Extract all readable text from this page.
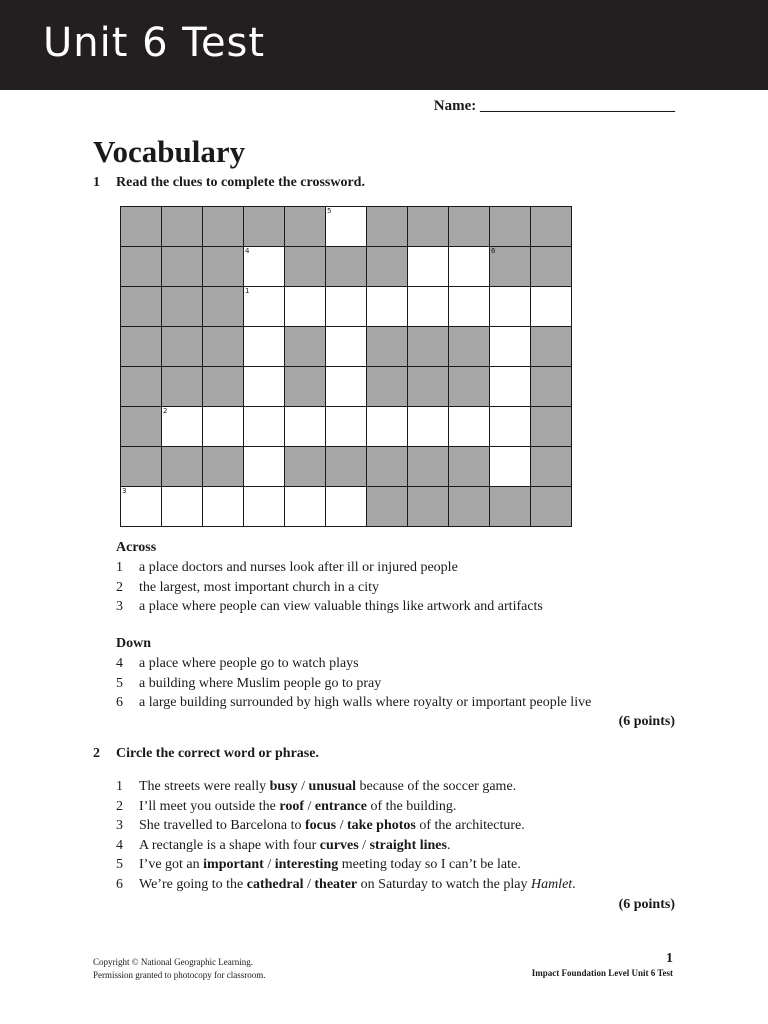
Unit 6 Test
Name: __________________________
Vocabulary
1 Read the clues to complete the crossword.

					5					

			4						6	

			1							

	2									

3										

Across
1 a place doctors and nurses look after ill or injured people
2 the largest, most important church in a city
3 a place where people can view valuable things like artwork and artifacts
Down
4 a place where people go to watch plays
5 a building where Muslim people go to pray
6 a large building surrounded by high walls where royalty or important people live
(6 points)
2 Circle the correct word or phrase.
1 The streets were really busy / unusual because of the soccer game.
2 I’ll meet you outside the roof / entrance of the building.
3 She travelled to Barcelona to focus / take photos of the architecture.
4 A rectangle is a shape with four curves / straight lines.
5 I’ve got an important / interesting meeting today so I can’t be late.
6 We’re going to the cathedral / theater on Saturday to watch the play Hamlet.
(6 points)
Copyright © National Geographic Learning.
Permission granted to photocopy for classroom.
1
Impact Foundation Level Unit 6 Test
